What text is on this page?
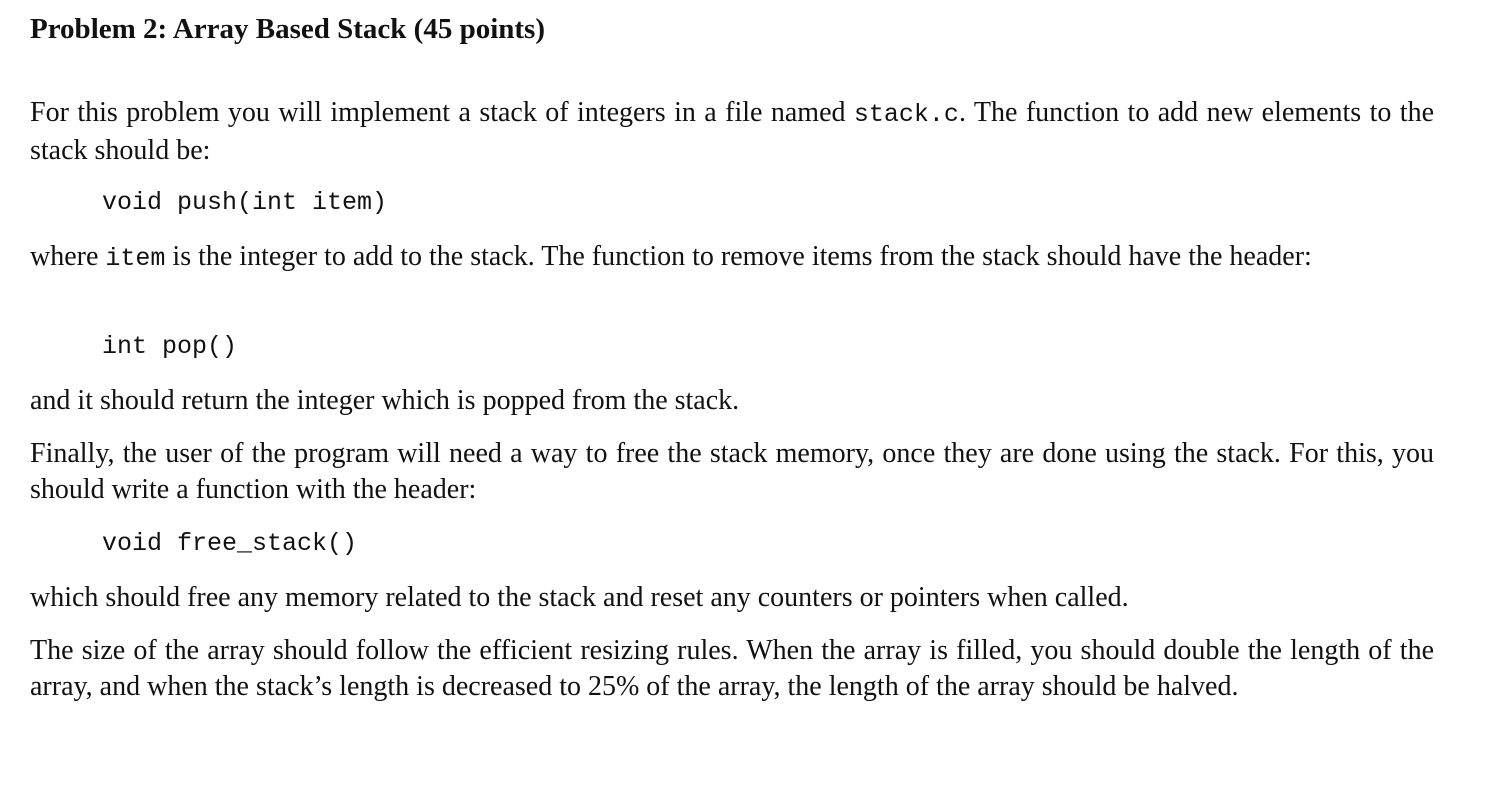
Problem 2: Array Based Stack (45 points)

For this problem you will implement a stack of integers in a file named stack.c. The function to add new elements to the stack should be:

void push(int item)

where item is the integer to add to the stack. The function to remove items from the stack should have the header:

int pop()

and it should return the integer which is popped from the stack.

Finally, the user of the program will need a way to free the stack memory, once they are done using the stack. For this, you should write a function with the header:

void free_stack()

which should free any memory related to the stack and reset any counters or pointers when called.

The size of the array should follow the efficient resizing rules. When the array is filled, you should double the length of the array, and when the stack’s length is decreased to 25% of the array, the length of the array should be halved.
